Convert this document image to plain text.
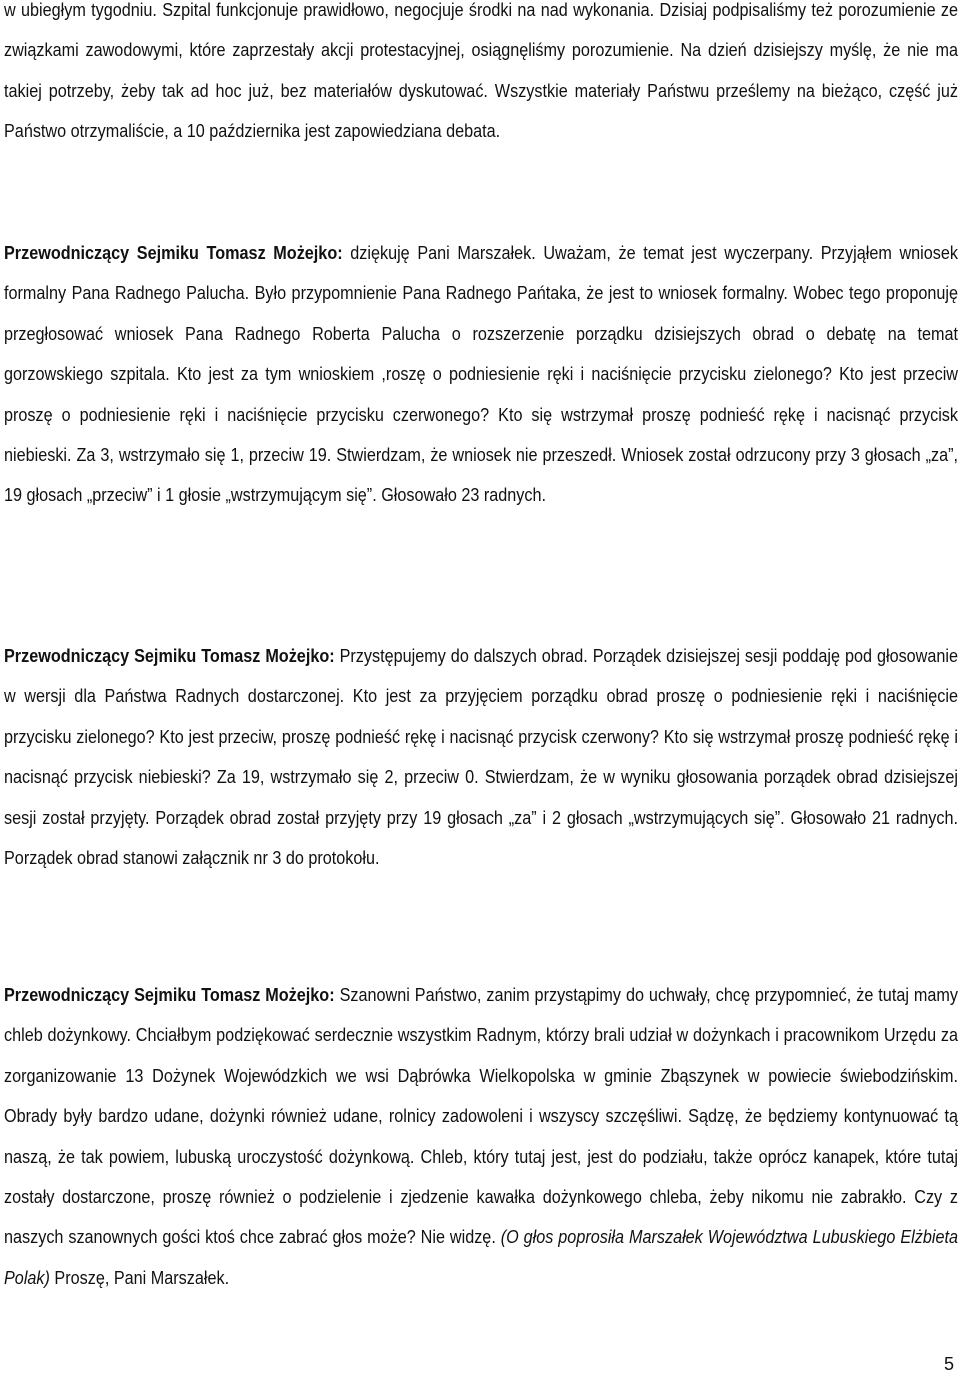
w ubiegłym tygodniu. Szpital funkcjonuje prawidłowo, negocjuje środki na nad wykonania. Dzisiaj podpisaliśmy też porozumienie ze związkami zawodowymi, które zaprzestały akcji protestacyjnej, osiągnęliśmy porozumienie. Na dzień dzisiejszy myślę, że nie ma takiej potrzeby, żeby tak ad hoc już, bez materiałów dyskutować. Wszystkie materiały Państwu prześlemy na bieżąco, część już Państwo otrzymaliście, a 10 października jest zapowiedziana debata.

Przewodniczący Sejmiku Tomasz Możejko: dziękuję Pani Marszałek. Uważam, że temat jest wyczerpany. Przyjąłem wniosek formalny Pana Radnego Palucha. Było przypomnienie Pana Radnego Pańtaka, że jest to wniosek formalny. Wobec tego proponuję przegłosować wniosek Pana Radnego Roberta Palucha o rozszerzenie porządku dzisiejszych obrad o debatę na temat gorzowskiego szpitala. Kto jest za tym wnioskiem ,roszę o podniesienie ręki i naciśnięcie przycisku zielonego? Kto jest przeciw proszę o podniesienie ręki i naciśnięcie przycisku czerwonego? Kto się wstrzymał proszę podnieść rękę i nacisnąć przycisk niebieski. Za 3, wstrzymało się 1, przeciw 19. Stwierdzam, że wniosek nie przeszedł. Wniosek został odrzucony przy 3 głosach „za”, 19 głosach „przeciw” i 1 głosie „wstrzymującym się”. Głosowało 23 radnych.

Przewodniczący Sejmiku Tomasz Możejko: Przystępujemy do dalszych obrad. Porządek dzisiejszej sesji poddaję pod głosowanie w wersji dla Państwa Radnych dostarczonej. Kto jest za przyjęciem porządku obrad proszę o podniesienie ręki i naciśnięcie przycisku zielonego? Kto jest przeciw, proszę podnieść rękę i nacisnąć przycisk czerwony? Kto się wstrzymał proszę podnieść rękę i nacisnąć przycisk niebieski? Za 19, wstrzymało się 2, przeciw 0. Stwierdzam, że w wyniku głosowania porządek obrad dzisiejszej sesji został przyjęty. Porządek obrad został przyjęty przy 19 głosach „za” i 2 głosach „wstrzymujących się”. Głosowało 21 radnych. Porządek obrad stanowi załącznik nr 3 do protokołu.

Przewodniczący Sejmiku Tomasz Możejko: Szanowni Państwo, zanim przystąpimy do uchwały, chcę przypomnieć, że tutaj mamy chleb dożynkowy. Chciałbym podziękować serdecznie wszystkim Radnym, którzy brali udział w dożynkach i pracownikom Urzędu za zorganizowanie 13 Dożynek Wojewódzkich we wsi Dąbrówka Wielkopolska w gminie Zbąszynek w powiecie świebodzińskim. Obrady były bardzo udane, dożynki również udane, rolnicy zadowoleni i wszyscy szczęśliwi. Sądzę, że będziemy kontynuować tą naszą, że tak powiem, lubuską uroczystość dożynkową. Chleb, który tutaj jest, jest do podziału, także oprócz kanapek, które tutaj zostały dostarczone, proszę również o podzielenie i zjedzenie kawałka dożynkowego chleba, żeby nikomu nie zabrakło. Czy z naszych szanownych gości ktoś chce zabrać głos może? Nie widzę. (O głos poprosiła Marszałek Województwa Lubuskiego Elżbieta Polak) Proszę, Pani Marszałek.

5
